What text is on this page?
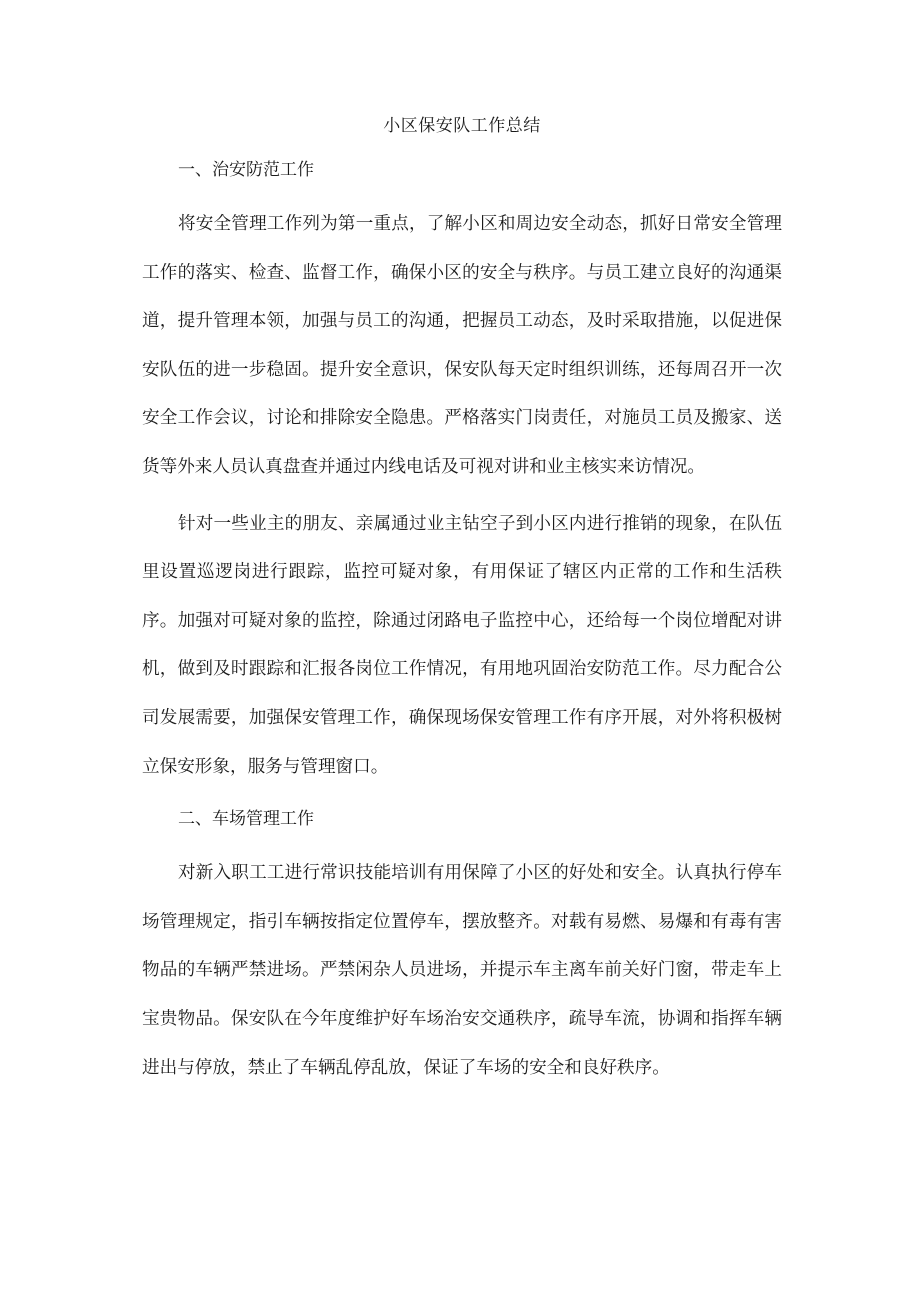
小区保安队工作总结
一、治安防范工作

将安全管理工作列为第一重点，了解小区和周边安全动态，抓好日常安全管理工作的落实、检查、监督工作，确保小区的安全与秩序。与员工建立良好的沟通渠道，提升管理本领，加强与员工的沟通，把握员工动态，及时采取措施，以促进保安队伍的进一步稳固。提升安全意识，保安队每天定时组织训练，还每周召开一次安全工作会议，讨论和排除安全隐患。严格落实门岗责任，对施员工员及搬家、送货等外来人员认真盘查并通过内线电话及可视对讲和业主核实来访情况。

针对一些业主的朋友、亲属通过业主钻空子到小区内进行推销的现象，在队伍里设置巡逻岗进行跟踪，监控可疑对象，有用保证了辖区内正常的工作和生活秩序。加强对可疑对象的监控，除通过闭路电子监控中心，还给每一个岗位增配对讲机，做到及时跟踪和汇报各岗位工作情况，有用地巩固治安防范工作。尽力配合公司发展需要，加强保安管理工作，确保现场保安管理工作有序开展，对外将积极树立保安形象，服务与管理窗口。

二、车场管理工作

对新入职工工进行常识技能培训有用保障了小区的好处和安全。认真执行停车场管理规定，指引车辆按指定位置停车，摆放整齐。对载有易燃、易爆和有毒有害物品的车辆严禁进场。严禁闲杂人员进场，并提示车主离车前关好门窗，带走车上宝贵物品。保安队在今年度维护好车场治安交通秩序，疏导车流，协调和指挥车辆进出与停放，禁止了车辆乱停乱放，保证了车场的安全和良好秩序。
